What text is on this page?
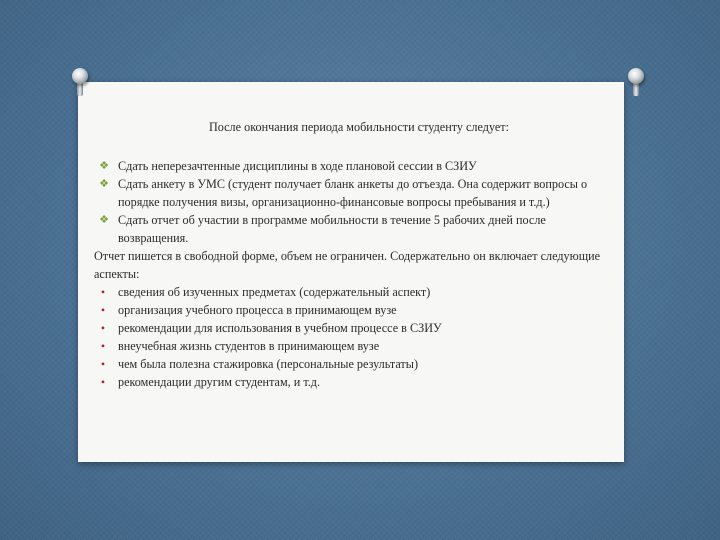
После окончания периода мобильности студенту следует:
❖ Сдать неперезачтенные дисциплины в ходе плановой сессии в СЗИУ
❖ Сдать анкету в УМС (студент получает бланк анкеты до отъезда. Она содержит вопросы о порядке получения визы, организационно-финансовые вопросы пребывания и т.д.)
❖ Сдать отчет об участии в программе мобильности в течение 5 рабочих дней после возвращения.

Отчет пишется в свободной форме, объем не ограничен. Содержательно он включает следующие аспекты:

•	сведения об изученных предметах (содержательный аспект)
•	организация учебного процесса в принимающем вузе
•	рекомендации для использования в учебном процессе в СЗИУ
•	внеучебная жизнь студентов в принимающем вузе
•	чем была полезна стажировка (персональные результаты)
•	рекомендации другим студентам, и т.д.
